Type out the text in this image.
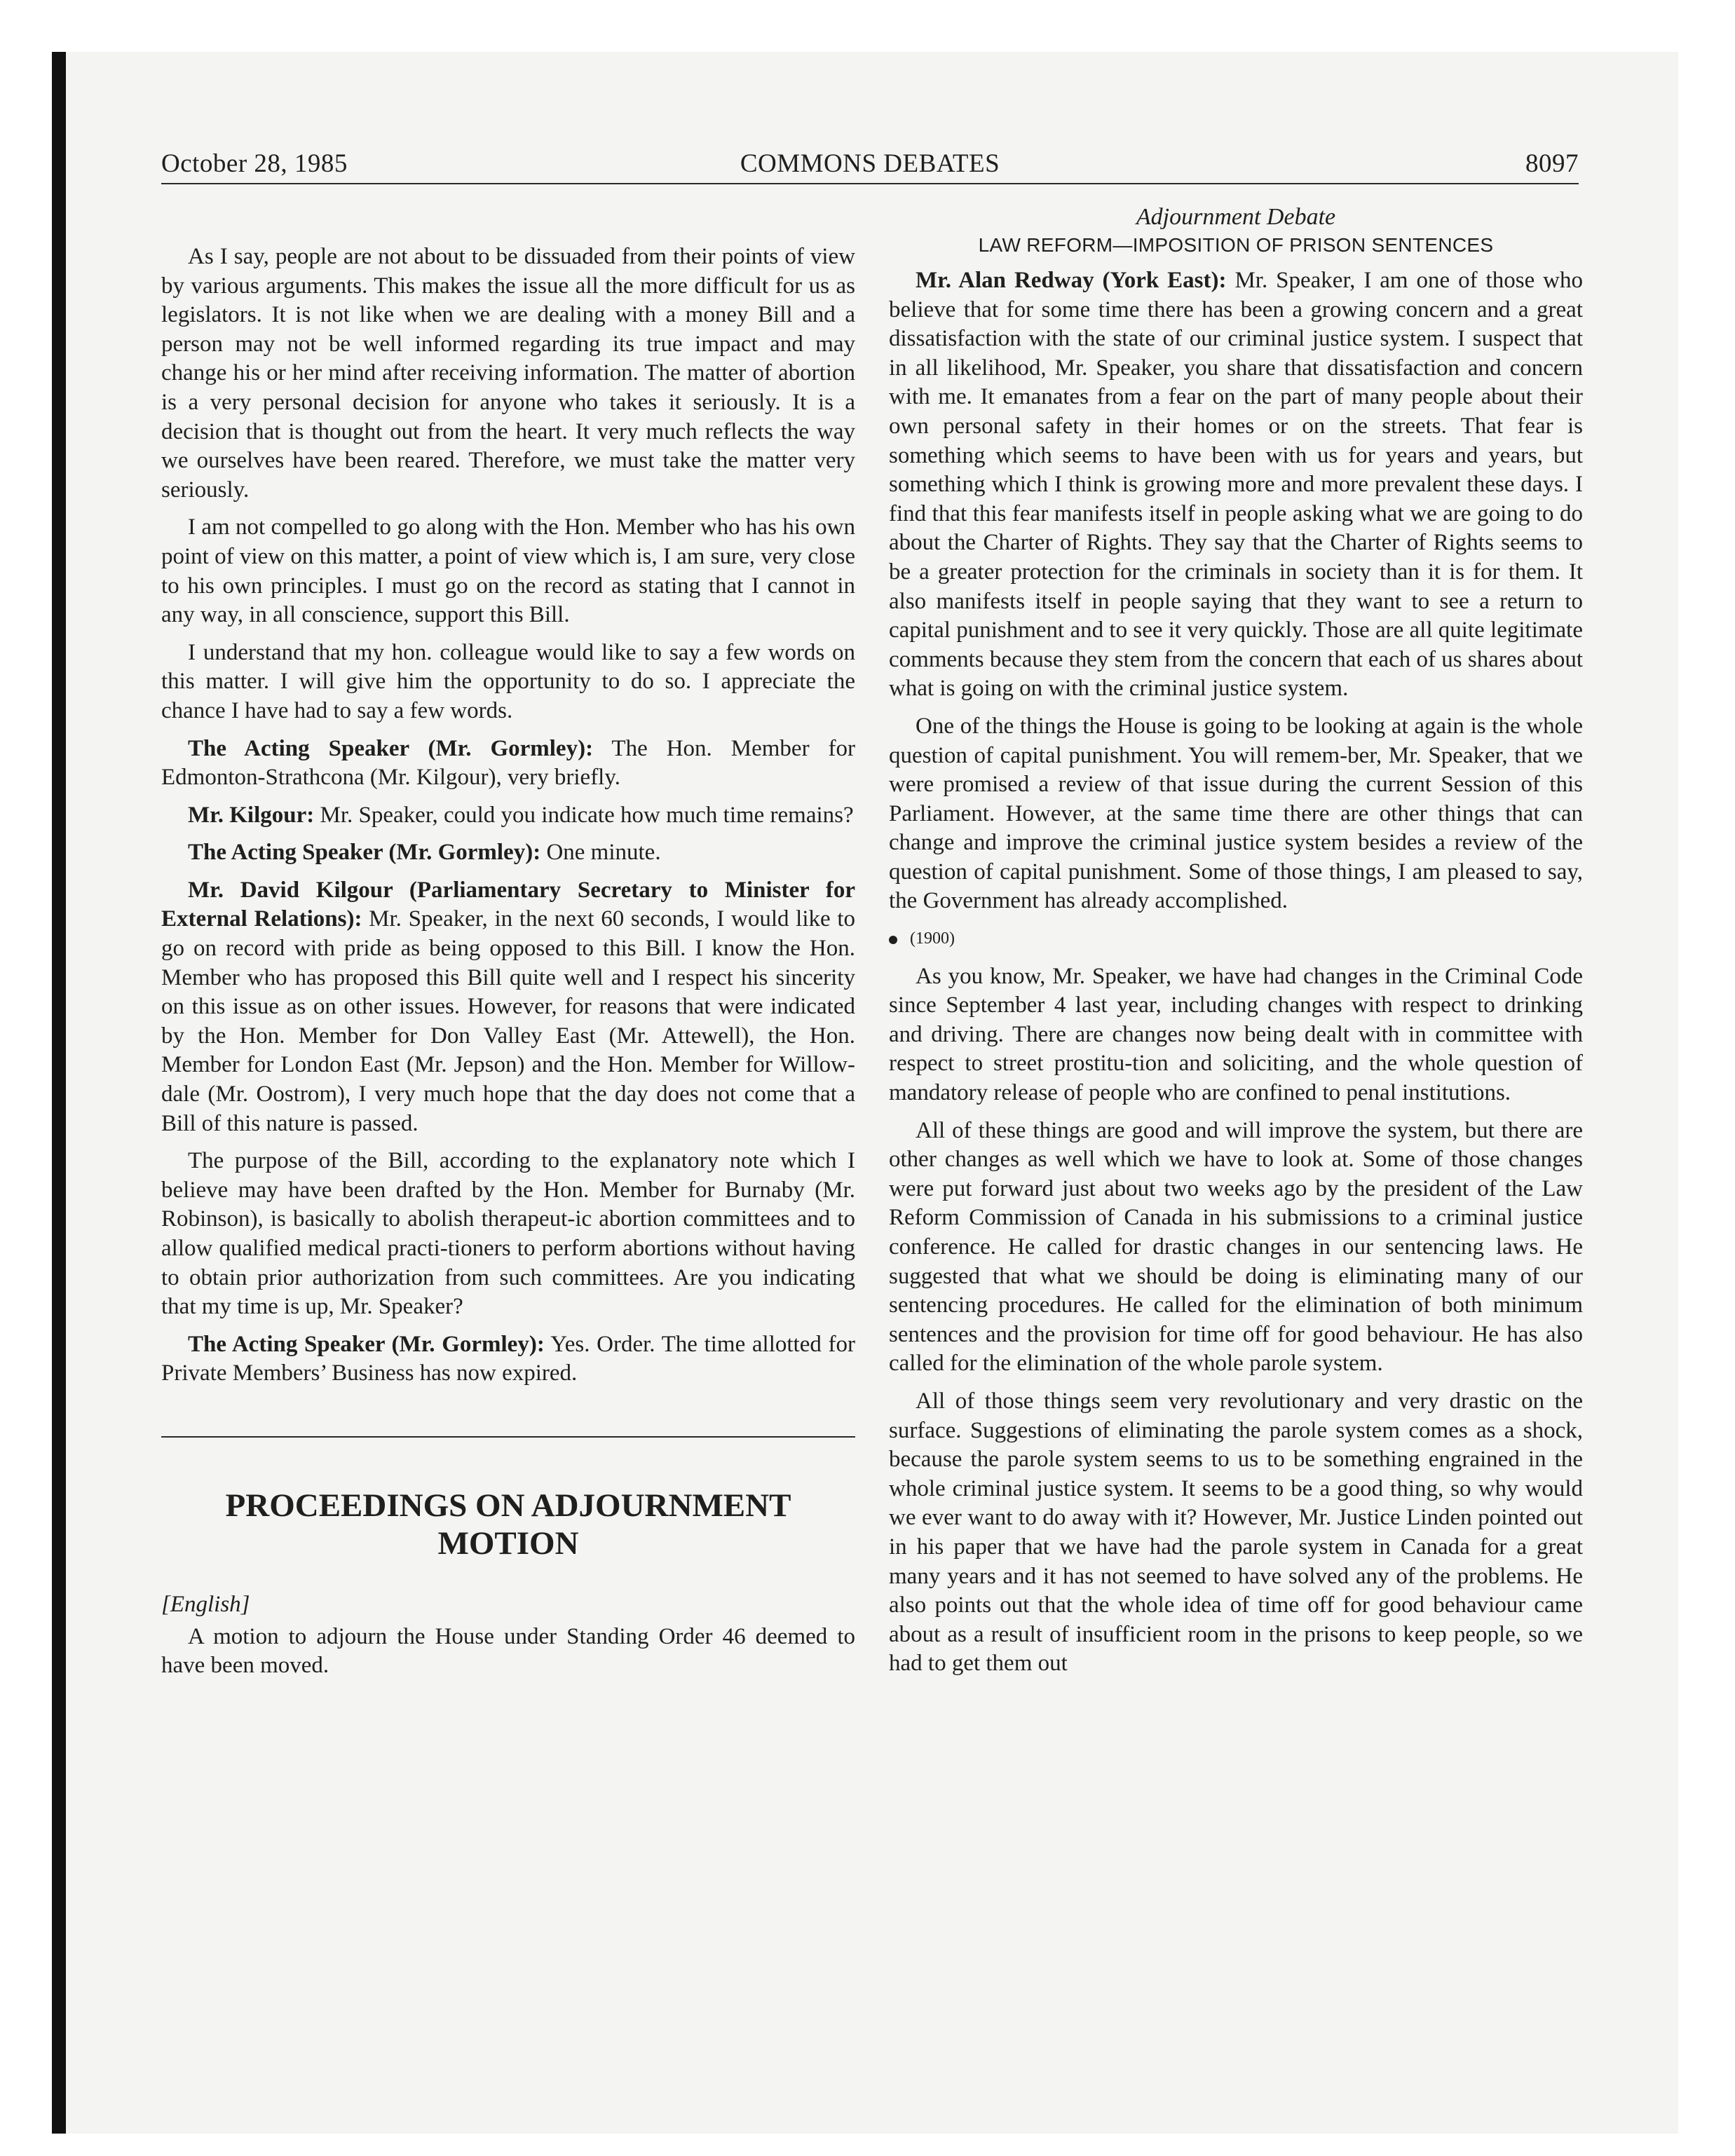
October 28, 1985	COMMONS DEBATES	8097

As I say, people are not about to be dissuaded from their points of view by various arguments. This makes the issue all the more difficult for us as legislators. It is not like when we are dealing with a money Bill and a person may not be well informed regarding its true impact and may change his or her mind after receiving information. The matter of abortion is a very personal decision for anyone who takes it seriously. It is a decision that is thought out from the heart. It very much reflects the way we ourselves have been reared. Therefore, we must take the matter very seriously.

I am not compelled to go along with the Hon. Member who has his own point of view on this matter, a point of view which is, I am sure, very close to his own principles. I must go on the record as stating that I cannot in any way, in all conscience, support this Bill.

I understand that my hon. colleague would like to say a few words on this matter. I will give him the opportunity to do so. I appreciate the chance I have had to say a few words.

The Acting Speaker (Mr. Gormley): The Hon. Member for Edmonton-Strathcona (Mr. Kilgour), very briefly.

Mr. Kilgour: Mr. Speaker, could you indicate how much time remains?

The Acting Speaker (Mr. Gormley): One minute.

Mr. David Kilgour (Parliamentary Secretary to Minister for External Relations): Mr. Speaker, in the next 60 seconds, I would like to go on record with pride as being opposed to this Bill. I know the Hon. Member who has proposed this Bill quite well and I respect his sincerity on this issue as on other issues. However, for reasons that were indicated by the Hon. Member for Don Valley East (Mr. Attewell), the Hon. Member for London East (Mr. Jepson) and the Hon. Member for Willow-dale (Mr. Oostrom), I very much hope that the day does not come that a Bill of this nature is passed.

The purpose of the Bill, according to the explanatory note which I believe may have been drafted by the Hon. Member for Burnaby (Mr. Robinson), is basically to abolish therapeut-ic abortion committees and to allow qualified medical practi-tioners to perform abortions without having to obtain prior authorization from such committees. Are you indicating that my time is up, Mr. Speaker?

The Acting Speaker (Mr. Gormley): Yes. Order. The time allotted for Private Members’ Business has now expired.

PROCEEDINGS ON ADJOURNMENT MOTION

[English]

A motion to adjourn the House under Standing Order 46 deemed to have been moved.

Adjournment Debate
LAW REFORM—IMPOSITION OF PRISON SENTENCES

Mr. Alan Redway (York East): Mr. Speaker, I am one of those who believe that for some time there has been a growing concern and a great dissatisfaction with the state of our criminal justice system. I suspect that in all likelihood, Mr. Speaker, you share that dissatisfaction and concern with me. It emanates from a fear on the part of many people about their own personal safety in their homes or on the streets. That fear is something which seems to have been with us for years and years, but something which I think is growing more and more prevalent these days. I find that this fear manifests itself in people asking what we are going to do about the Charter of Rights. They say that the Charter of Rights seems to be a greater protection for the criminals in society than it is for them. It also manifests itself in people saying that they want to see a return to capital punishment and to see it very quickly. Those are all quite legitimate comments because they stem from the concern that each of us shares about what is going on with the criminal justice system.

One of the things the House is going to be looking at again is the whole question of capital punishment. You will remem-ber, Mr. Speaker, that we were promised a review of that issue during the current Session of this Parliament. However, at the same time there are other things that can change and improve the criminal justice system besides a review of the question of capital punishment. Some of those things, I am pleased to say, the Government has already accomplished.

(1900)

As you know, Mr. Speaker, we have had changes in the Criminal Code since September 4 last year, including changes with respect to drinking and driving. There are changes now being dealt with in committee with respect to street prostitu-tion and soliciting, and the whole question of mandatory release of people who are confined to penal institutions.

All of these things are good and will improve the system, but there are other changes as well which we have to look at. Some of those changes were put forward just about two weeks ago by the president of the Law Reform Commission of Canada in his submissions to a criminal justice conference. He called for drastic changes in our sentencing laws. He suggested that what we should be doing is eliminating many of our sentencing procedures. He called for the elimination of both minimum sentences and the provision for time off for good behaviour. He has also called for the elimination of the whole parole system.

All of those things seem very revolutionary and very drastic on the surface. Suggestions of eliminating the parole system comes as a shock, because the parole system seems to us to be something engrained in the whole criminal justice system. It seems to be a good thing, so why would we ever want to do away with it? However, Mr. Justice Linden pointed out in his paper that we have had the parole system in Canada for a great many years and it has not seemed to have solved any of the problems. He also points out that the whole idea of time off for good behaviour came about as a result of insufficient room in the prisons to keep people, so we had to get them out
